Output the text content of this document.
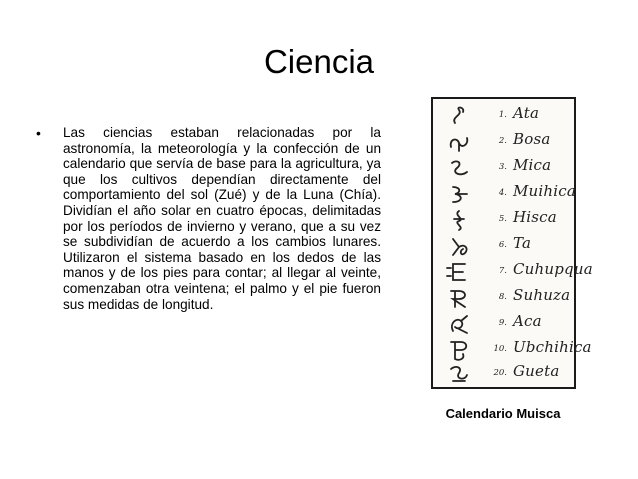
Ciencia
• Las ciencias estaban relacionadas por la astronomía, la meteorología y la confección de un calendario que servía de base para la agricultura, ya que los cultivos dependían directamente del comportamiento del sol (Zué) y de la Luna (Chía). Dividían el año solar en cuatro épocas, delimitadas por los períodos de invierno y verano, que a su vez se subdividían de acuerdo a los cambios lunares. Utilizaron el sistema basado en los dedos de las manos y de los pies para contar; al llegar al veinte, comenzaban otra veintena; el palmo y el pie fueron sus medidas de longitud.
1. Ata
2. Bosa
3. Mica
4. Muihica
5. Hisca
6. Ta
7. Cuhupqua
8. Suhuza
9. Aca
10. Ubchihica
20. Gueta
Calendario Muisca
